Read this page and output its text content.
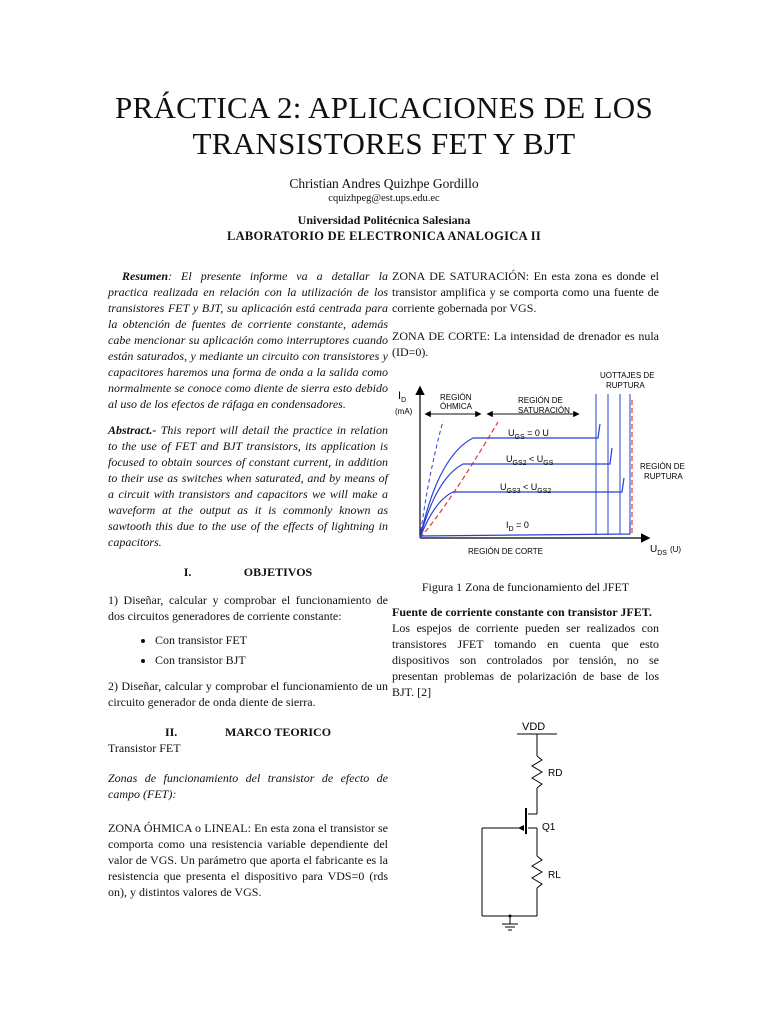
PRÁCTICA 2: APLICACIONES DE LOS
TRANSISTORES FET Y BJT
Christian Andres Quizhpe Gordillo
cquizhpeg@est.ups.edu.ec
Universidad Politécnica Salesiana
LABORATORIO DE ELECTRONICA ANALOGICA II

Resumen: El presente informe va a detallar la practica realizada en relación con la utilización de los transistores FET y BJT, su aplicación está centrada para la obtención de fuentes de corriente constante, además cabe mencionar su aplicación como interruptores cuando están saturados, y mediante un circuito con transistores y capacitores haremos una forma de onda a la salida como normalmente se conoce como diente de sierra esto debido al uso de los efectos de ráfaga en condensadores.

Abstract.- This report will detail the practice in relation to the use of FET and BJT transistors, its application is focused to obtain sources of constant current, in addition to their use as switches when saturated, and by means of a circuit with transistors and capacitors we will make a waveform at the output as it is commonly known as sawtooth this due to the use of the effects of lightning in capacitors.

I.	OBJETIVOS

1) Diseñar, calcular y comprobar el funcionamiento de dos circuitos generadores de corriente constante:

• Con transistor FET
• Con transistor BJT

2) Diseñar, calcular y comprobar el funcionamiento de un circuito generador de onda diente de sierra.

II.	MARCO TEORICO

Transistor FET

Zonas de funcionamiento del transistor de efecto de campo (FET):

ZONA ÓHMICA o LINEAL: En esta zona el transistor se comporta como una resistencia variable dependiente del valor de VGS. Un parámetro que aporta el fabricante es la resistencia que presenta el dispositivo para VDS=0 (rds on), y distintos valores de VGS.

ZONA DE SATURACIÓN: En esta zona es donde el transistor amplifica y se comporta como una fuente de corriente gobernada por VGS.

ZONA DE CORTE: La intensidad de drenador es nula (ID=0).

$I_D$
(mA)
$U_{DS}$ $^{(U)}$
REGIÓN
ÓHMICA
REGIÓN DE
SATURACIÓN
UOTTAJES DE
RUPTURA
REGIÓN DE
RUPTURA
$U_{GS} = 0$ U
$U_{GS2} < U_{GS}$
$U_{GS3} < U_{GS2}$
$I_D = 0$
REGIÓN DE CORTE
Figura 1 Zona de funcionamiento del JFET

Fuente de corriente constante con transistor JFET.

Los espejos de corriente pueden ser realizados con transistores JFET tomando en cuenta que esto dispositivos son controlados por tensión, no se presentan problemas de polarización de base de los BJT. [2]

VDD
RD
Q1
RL
